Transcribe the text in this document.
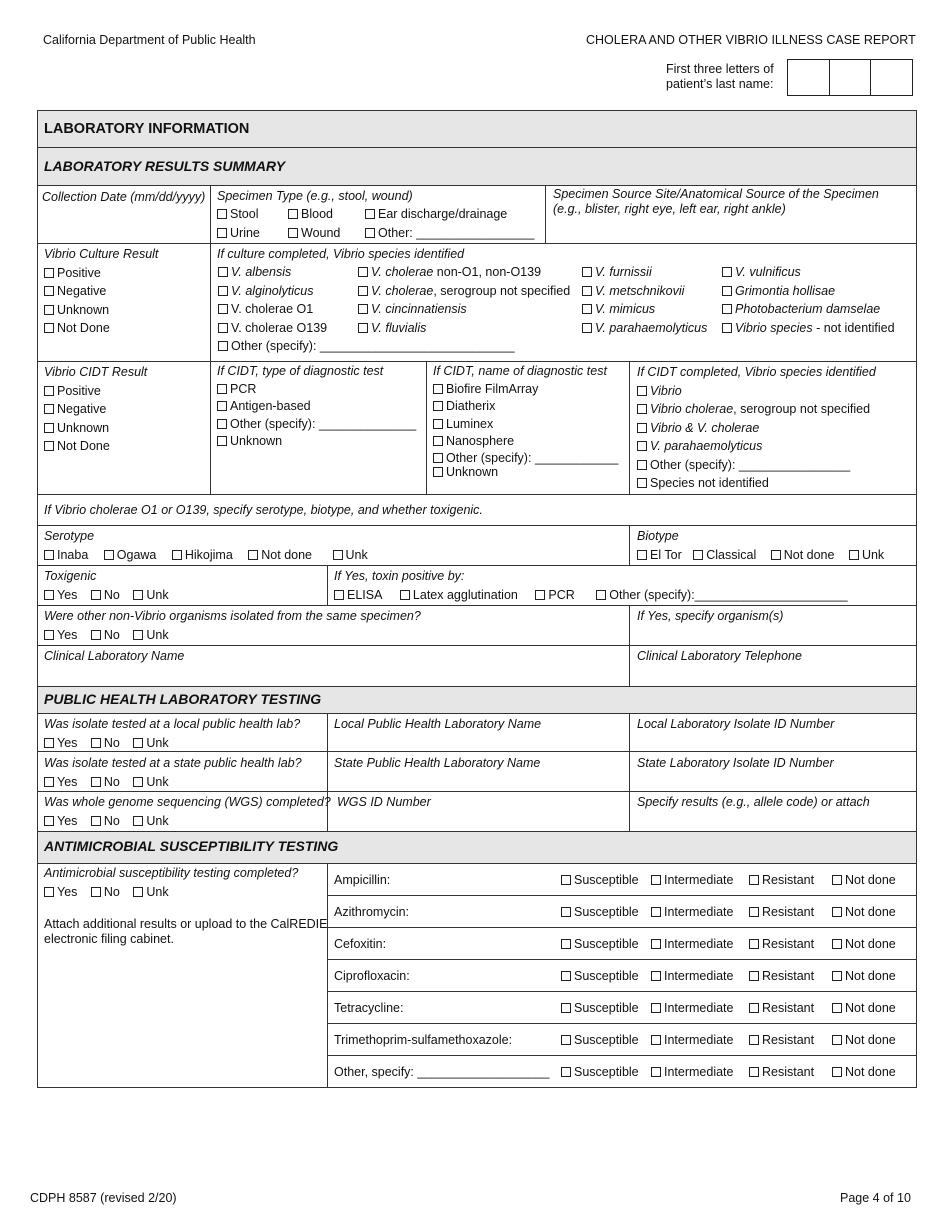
California Department of Public Health	CHOLERA AND OTHER VIBRIO ILLNESS CASE REPORT
First three letters of
patient’s last name:
LABORATORY INFORMATION
LABORATORY RESULTS SUMMARY
Collection Date (mm/dd/yyyy) Specimen Type (e.g., stool, wound)
Stool	Blood	Ear discharge/drainage
Urine	Wound	Other: _________________
Specimen Source Site/Anatomical Source of the Specimen
(e.g., blister, right eye, left ear, right ankle)
Vibrio Culture Result
Positive
Negative
Unknown
Not Done
If culture completed, Vibrio species identified
V. albensis
V. alginolyticus
V. cholerae O1
V. cholerae O139
Other (specify): ____________________________
V. cholerae non-O1, non-O139
V. cholerae, serogroup not specified
V. cincinnatiensis
V. fluvialis
V. furnissii
V. metschnikovii
V. mimicus
V. parahaemolyticus
V. vulnificus
Grimontia hollisae
Photobacterium damselae
Vibrio species - not identified
Vibrio CIDT Result
Positive
Negative
Unknown
Not Done
If CIDT, type of diagnostic test
PCR
Antigen-based
Other (specify): ______________
Unknown
If CIDT, name of diagnostic test
Biofire FilmArray
Diatherix
Luminex
Nanosphere
Other (specify): ____________
Unknown
If CIDT completed, Vibrio species identified
Vibrio
Vibrio cholerae, serogroup not specified
Vibrio & V. cholerae
V. parahaemolyticus
Other (specify): ________________
Species not identified
If Vibrio cholerae O1 or O139, specify serotype, biotype, and whether toxigenic.
Serotype
Inaba Ogawa Hikojima Not done	Unk
Biotype
El Tor Classical Not done Unk
Toxigenic
Yes No Unk
If Yes, toxin positive by:
ELISA Latex agglutination PCR	Other (specify):______________________
Were other non-Vibrio organisms isolated from the same specimen?
Yes No Unk
If Yes, specify organism(s)
Clinical Laboratory Name	Clinical Laboratory Telephone
PUBLIC HEALTH LABORATORY TESTING
Was isolate tested at a local public health lab?
Yes No Unk
Local Public Health Laboratory Name	Local Laboratory Isolate ID Number
Was isolate tested at a state public health lab?
Yes No Unk
State Public Health Laboratory Name	State Laboratory Isolate ID Number
Was whole genome sequencing (WGS) completed?
Yes No Unk
WGS ID Number	Specify results (e.g., allele code) or attach
ANTIMICROBIAL SUSCEPTIBILITY TESTING
Antimicrobial susceptibility testing completed?
Yes No Unk
Attach additional results or upload to the CalREDIE
electronic filing cabinet.
Ampicillin:	Susceptible	Intermediate	Resistant	Not done
Azithromycin:	Susceptible	Intermediate	Resistant	Not done
Cefoxitin:	Susceptible	Intermediate	Resistant	Not done
Ciprofloxacin:	Susceptible	Intermediate	Resistant	Not done
Tetracycline:	Susceptible	Intermediate	Resistant	Not done
Trimethoprim-sulfamethoxazole:	Susceptible	Intermediate	Resistant	Not done
Other, specify: ___________________	Susceptible	Intermediate	Resistant	Not done
CDPH 8587 (revised 2/20)	Page 4 of 10
